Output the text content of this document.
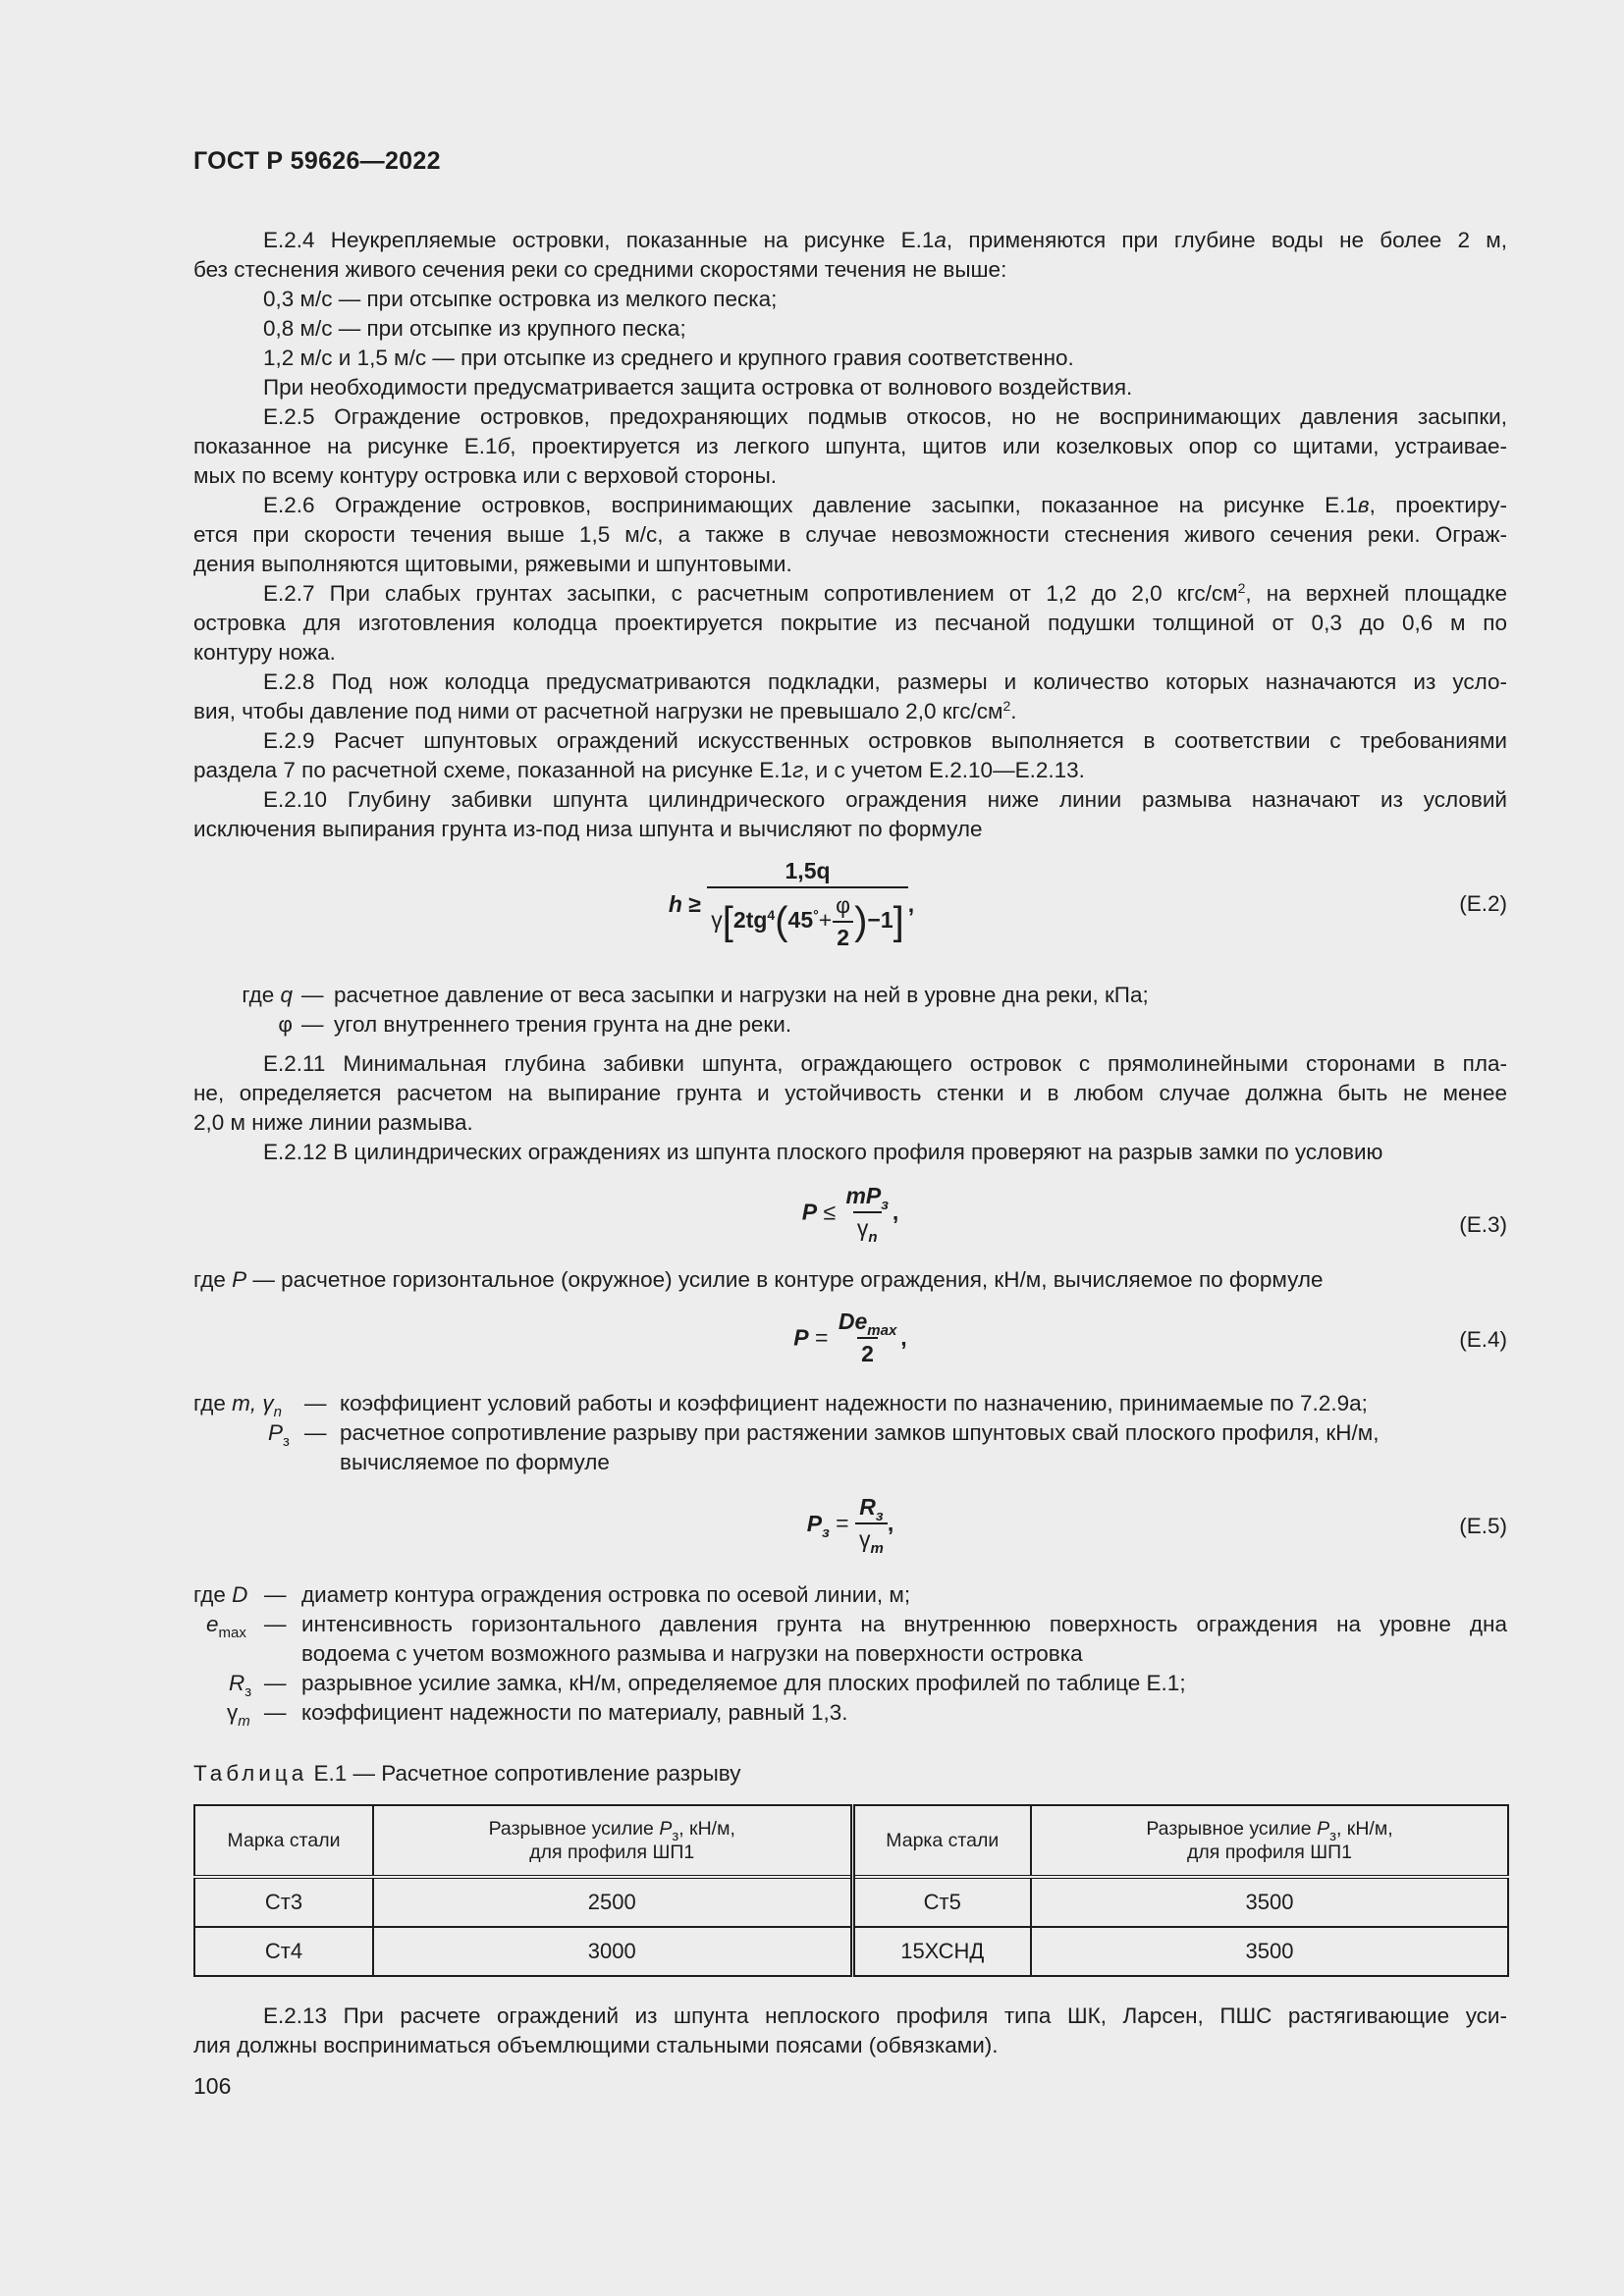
ГОСТ Р 59626—2022
Е.2.4 Неукрепляемые островки, показанные на рисунке Е.1а, применяются при глубине воды не более 2 м,
без стеснения живого сечения реки со средними скоростями течения не выше:
0,3 м/с — при отсыпке островка из мелкого песка;
0,8 м/с — при отсыпке из крупного песка;
1,2 м/с и 1,5 м/с — при отсыпке из среднего и крупного гравия соответственно.
При необходимости предусматривается защита островка от волнового воздействия.
Е.2.5 Ограждение островков, предохраняющих подмыв откосов, но не воспринимающих давления засыпки,
показанное на рисунке Е.1б, проектируется из легкого шпунта, щитов или козелковых опор со щитами, устраивае-
мых по всему контуру островка или с верховой стороны.
Е.2.6 Ограждение островков, воспринимающих давление засыпки, показанное на рисунке Е.1в, проектиру-
ется при скорости течения выше 1,5 м/с, а также в случае невозможности стеснения живого сечения реки. Ограж-
дения выполняются щитовыми, ряжевыми и шпунтовыми.
Е.2.7 При слабых грунтах засыпки, с расчетным сопротивлением от 1,2 до 2,0 кгс/$см^2$, на верхней площадке
островка для изготовления колодца проектируется покрытие из песчаной подушки толщиной от 0,3 до 0,6 м по
контуру ножа.
Е.2.8 Под нож колодца предусматриваются подкладки, размеры и количество которых назначаются из усло-
вия, чтобы давление под ними от расчетной нагрузки не превышало 2,0 кгс/$см^2$.
Е.2.9 Расчет шпунтовых ограждений искусственных островков выполняется в соответствии с требованиями
раздела 7 по расчетной схеме, показанной на рисунке Е.1г, и с учетом Е.2.10—Е.2.13.
Е.2.10 Глубину забивки шпунта цилиндрического ограждения ниже линии размыва назначают из условий
исключения выпирания грунта из-под низа шпунта и вычисляют по формуле
$h \ge \frac{1,5q}{\gamma[2tg^4(45^\circ+ \frac{\varphi}{2} )-1]}$ ,	(Е.2)
где q — расчетное давление от веса засыпки и нагрузки на ней в уровне дна реки, кПа;
φ — угол внутреннего трения грунта на дне реки.
Е.2.11 Минимальная глубина забивки шпунта, ограждающего островок с прямолинейными сторонами в пла-
не, определяется расчетом на выпирание грунта и устойчивость стенки и в любом случае должна быть не менее
2,0 м ниже линии размыва.
Е.2.12 В цилиндрических ограждениях из шпунта плоского профиля проверяют на разрыв замки по условию
$P \le \frac{mP_з}{\gamma_n}$ ,	(Е.3)
где P — расчетное горизонтальное (окружное) усилие в контуре ограждения, кН/м, вычисляемое по формуле
$P = \frac{De_{max}}{2}$ ,	(Е.4)
где m, $\gamma_n$ — коэффициент условий работы и коэффициент надежности по назначению, принимаемые по 7.2.9а;
$P_з$ — расчетное сопротивление разрыву при растяжении замков шпунтовых свай плоского профиля, кН/м,
вычисляемое по формуле
$P_з = \frac{R_з}{\gamma_m}$ ,	(Е.5)
где D — диаметр контура ограждения островка по осевой линии, м;
$e_{max}$ — интенсивность горизонтального давления грунта на внутреннюю поверхность ограждения на уровне дна
водоема с учетом возможного размыва и нагрузки на поверхности островка
$R_з$ — разрывное усилие замка, кН/м, определяемое для плоских профилей по таблице Е.1;
$\gamma_m$ — коэффициент надежности по материалу, равный 1,3.
Таблица Е.1 — Расчетное сопротивление разрыву
Марка стали	Разрывное усилие $P_з$, кН/м,
для профиля ШП1	Марка стали	Разрывное усилие $P_з$, кН/м,
для профиля ШП1
Ст3	2500	Ст5	3500
Ст4	3000	15ХСНД	3500
Е.2.13 При расчете ограждений из шпунта неплоского профиля типа ШК, Ларсен, ПШС растягивающие уси-
лия должны восприниматься объемлющими стальными поясами (обвязками).
106
